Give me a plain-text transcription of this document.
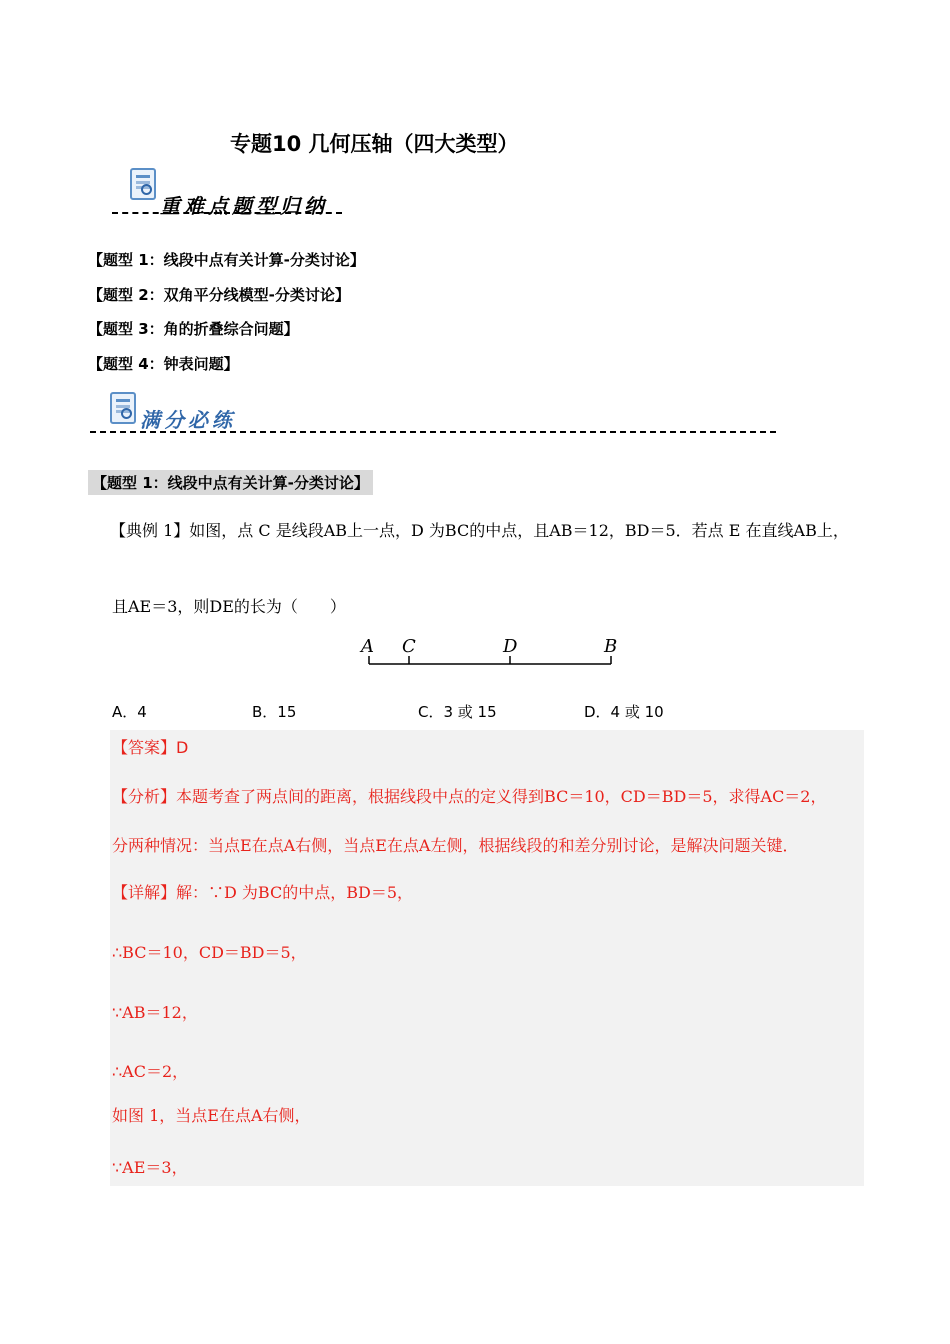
专题10 几何压轴（四大类型）
重难点题型归纳
【题型 1：线段中点有关计算-分类讨论】
【题型 2：双角平分线模型-分类讨论】
【题型 3：角的折叠综合问题】
【题型 4：钟表问题】
满分必练
【题型 1：线段中点有关计算-分类讨论】
【典例 1】如图，点 C 是线段AB上一点，D 为BC的中点，且AB＝12，BD＝5．若点 E 在直线AB上，
且AE＝3，则DE的长为（　　）
A C	D	B
A．4	B．15	C．3 或 15	D．4 或 10
【答案】D
【分析】本题考查了两点间的距离，根据线段中点的定义得到BC＝10，CD＝BD＝5，求得AC＝2，
分两种情况：当点E在点A右侧，当点E在点A左侧，根据线段的和差分别讨论，是解决问题关键．
【详解】解：∵D 为BC的中点，BD＝5，
∴BC＝10，CD＝BD＝5，
∵AB＝12，
∴AC＝2，
如图 1，当点E在点A右侧，
∵AE＝3，
